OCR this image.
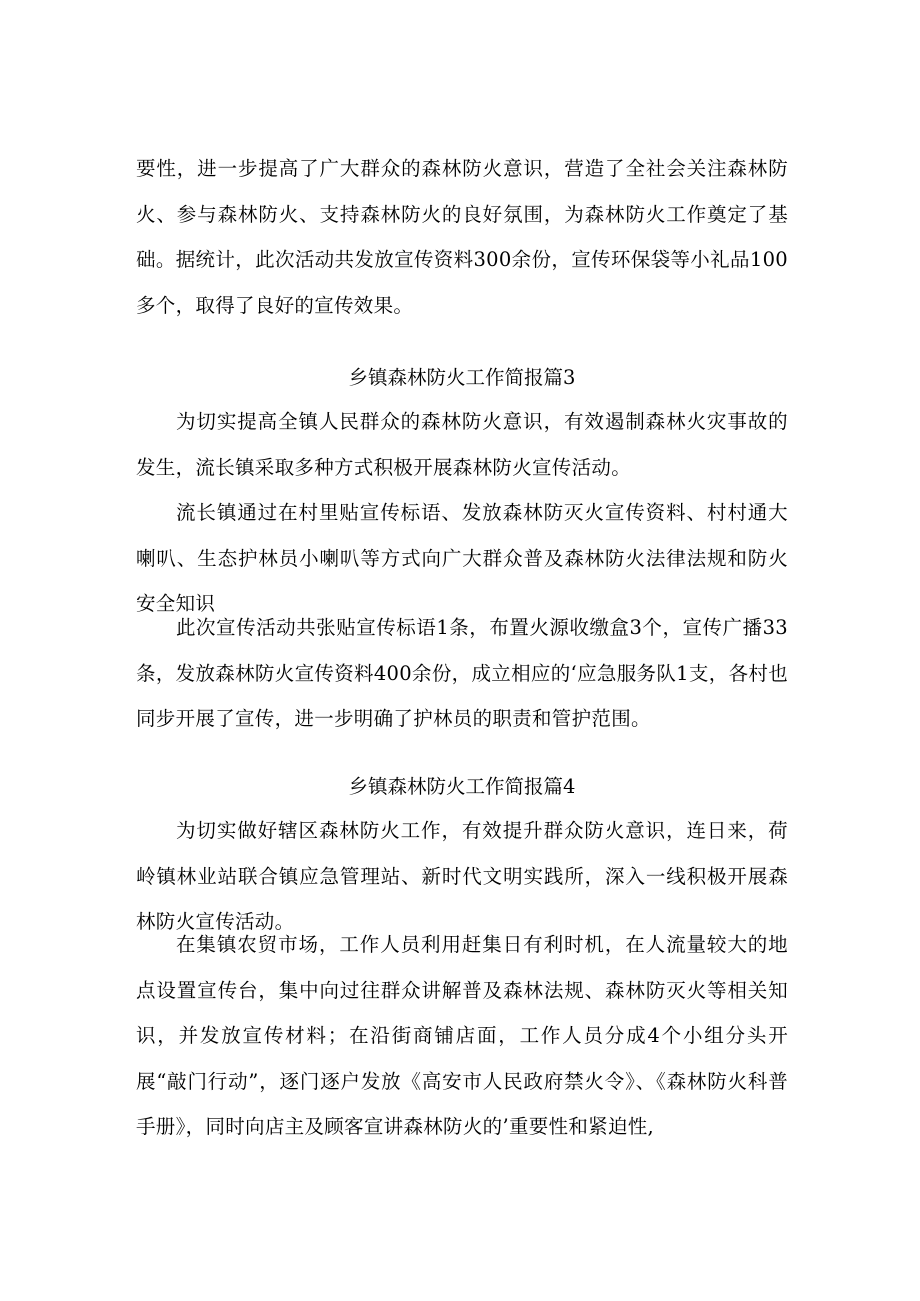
要性，进一步提高了广大群众的森林防火意识，营造了全社会关注森林防火、参与森林防火、支持森林防火的良好氛围，为森林防火工作奠定了基础。据统计，此次活动共发放宣传资料300余份，宣传环保袋等小礼品100多个，取得了良好的宣传效果。

乡镇森林防火工作简报篇3

为切实提高全镇人民群众的森林防火意识，有效遏制森林火灾事故的发生，流长镇采取多种方式积极开展森林防火宣传活动。

流长镇通过在村里贴宣传标语、发放森林防灭火宣传资料、村村通大喇叭、生态护林员小喇叭等方式向广大群众普及森林防火法律法规和防火安全知识

此次宣传活动共张贴宣传标语1条，布置火源收缴盒3个，宣传广播33条，发放森林防火宣传资料400余份，成立相应的‘应急服务队1支，各村也同步开展了宣传，进一步明确了护林员的职责和管护范围。

乡镇森林防火工作简报篇4

为切实做好辖区森林防火工作，有效提升群众防火意识，连日来，荷岭镇林业站联合镇应急管理站、新时代文明实践所，深入一线积极开展森林防火宣传活动。

在集镇农贸市场，工作人员利用赶集日有利时机，在人流量较大的地点设置宣传台，集中向过往群众讲解普及森林法规、森林防灭火等相关知识，并发放宣传材料；在沿街商铺店面，工作人员分成4个小组分头开展“敲门行动”，逐门逐户发放《高安市人民政府禁火令》、《森林防火科普手册》，同时向店主及顾客宣讲森林防火的’重要性和紧迫性,
